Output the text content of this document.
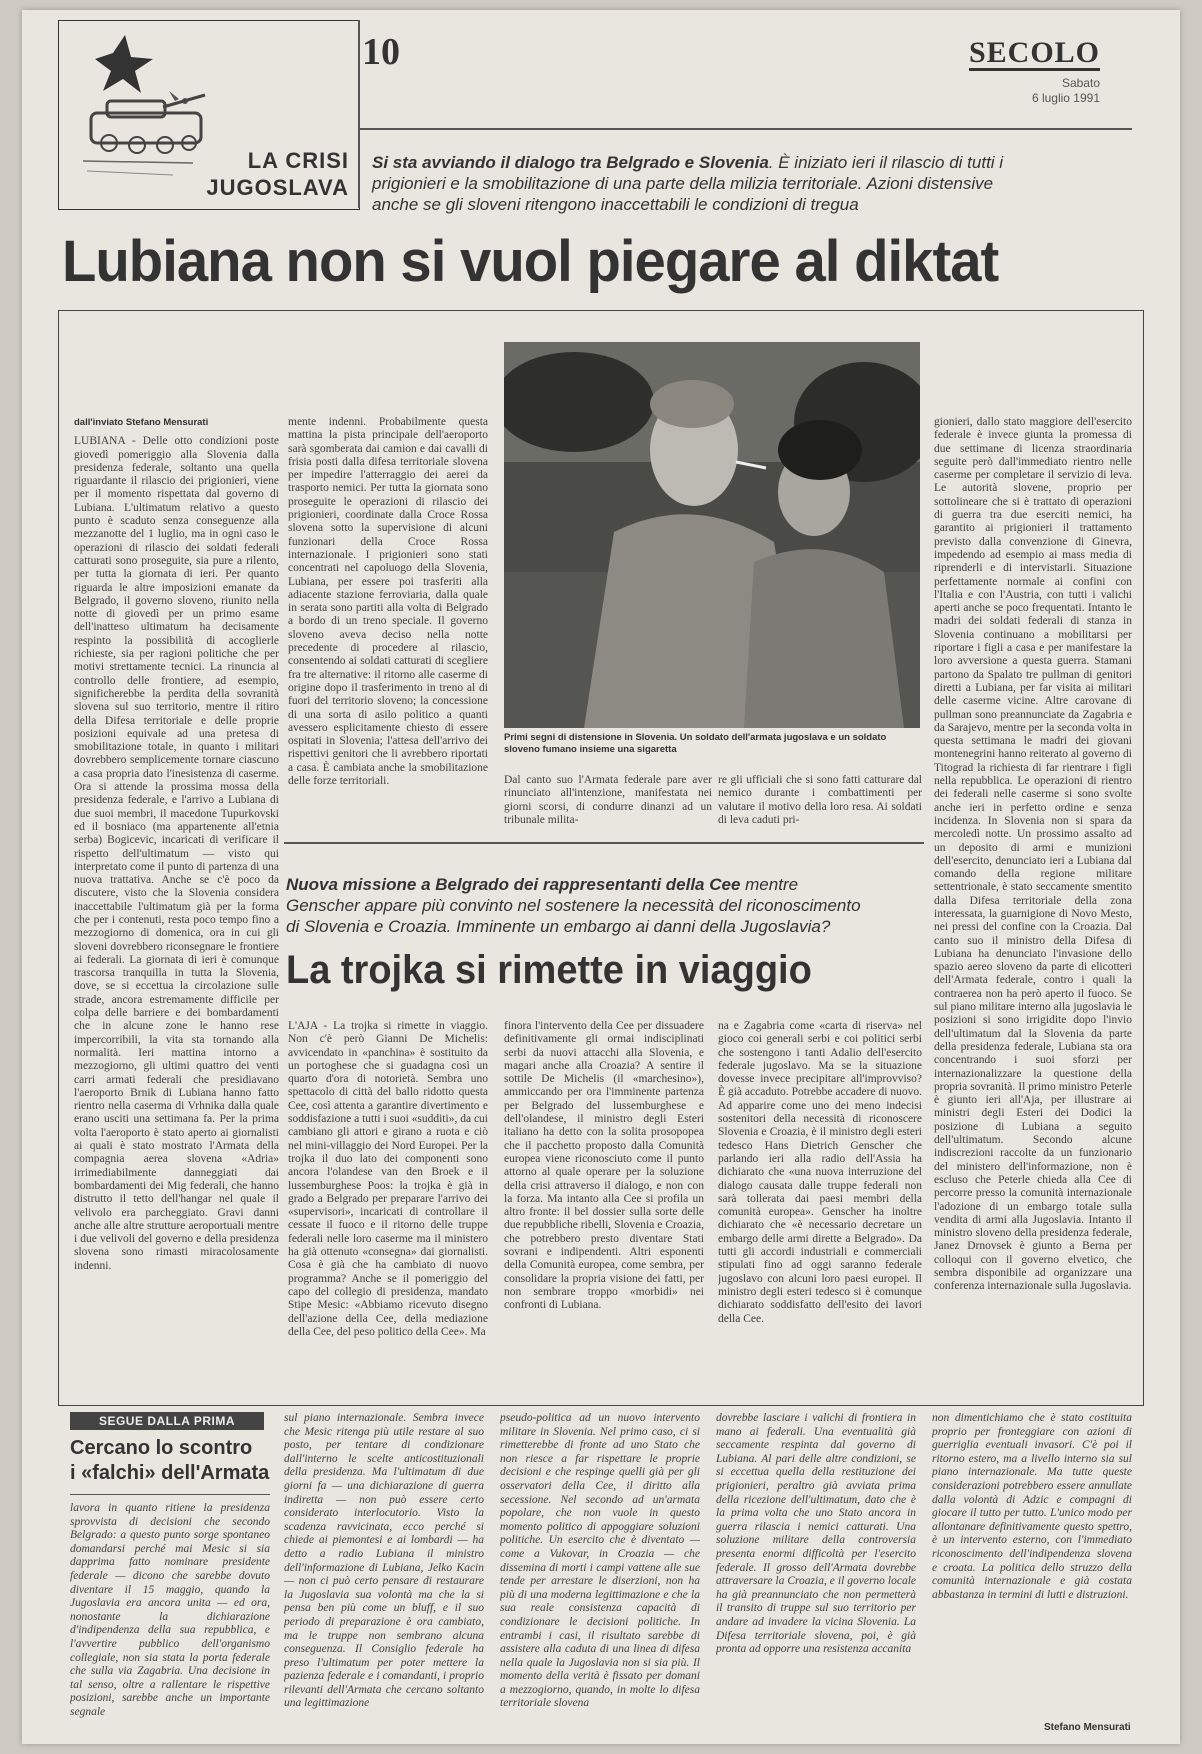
LA CRISI
JUGOSLAVA
10	SECOLO
Sabato
6 luglio 1991
Si sta avviando il dialogo tra Belgrado e Slovenia. È iniziato ieri il rilascio di tutti i prigionieri e la smobilitazione di una parte della milizia territoriale. Azioni distensive anche se gli sloveni ritengono inaccettabili le condizioni di tregua
Lubiana non si vuol piegare al diktat
dall'inviato Stefano Mensurati
LUBIANA - Delle otto condizioni poste giovedì pomeriggio alla Slovenia dalla presidenza federale, soltanto una quella riguardante il rilascio dei prigionieri, viene per il momento rispettata dal governo di Lubiana. L'ultimatum relativo a questo punto è scaduto senza conseguenze alla mezzanotte del 1 luglio, ma in ogni caso le operazioni di rilascio dei soldati federali catturati sono proseguite, sia pure a rilento, per tutta la giornata di ieri. Per quanto riguarda le altre imposizioni emanate da Belgrado, il governo sloveno, riunito nella notte di giovedì per un primo esame dell'inatteso ultimatum ha decisamente respinto la possibilità di accoglierle richieste, sia per ragioni politiche che per motivi strettamente tecnici. La rinuncia al controllo delle frontiere, ad esempio, significherebbe la perdita della sovranità slovena sul suo territorio, mentre il ritiro della Difesa territoriale e delle proprie posizioni equivale ad una pretesa di smobilitazione totale, in quanto i militari dovrebbero semplicemente tornare ciascuno a casa propria dato l'inesistenza di caserme. Ora si attende la prossima mossa della presidenza federale, e l'arrivo a Lubiana di due suoi membri, il macedone Tupurkovski ed il bosniaco (ma appartenente all'etnia serba) Bogicevic, incaricati di verificare il rispetto dell'ultimatum — visto qui interpretato come il punto di partenza di una nuova trattativa. Anche se c'è poco da discutere, visto che la Slovenia considera inaccettabile l'ultimatum già per la forma che per i contenuti, resta poco tempo fino a mezzogiorno di domenica, ora in cui gli sloveni dovrebbero riconsegnare le frontiere ai federali. La giornata di ieri è comunque trascorsa tranquilla in tutta la Slovenia, dove, se si eccettua la circolazione sulle strade, ancora estremamente difficile per colpa delle barriere e dei bombardamenti che in alcune zone le hanno rese impercorribili, la vita sta tornando alla normalità. Ieri mattina intorno a mezzogiorno, gli ultimi quattro dei venti carri armati federali che presidiavano l'aeroporto Brnik di Lubiana hanno fatto rientro nella caserma di Vrhnika dalla quale erano usciti una settimana fa. Per la prima volta l'aeroporto è stato aperto ai giornalisti ai quali è stato mostrato l'Armata della compagnia aerea slovena «Adria» irrimediabilmente danneggiati dai bombardamenti dei Mig federali, che hanno distrutto il tetto dell'hangar nel quale il velivolo era parcheggiato. Gravi danni anche alle altre strutture aeroportuali mentre i due velivoli del governo e della presidenza slovena sono rimasti miracolosamente indenni.
mente indenni. Probabilmente questa mattina la pista principale dell'aeroporto sarà sgomberata dai camion e dai cavalli di frisia posti dalla difesa territoriale slovena per impedire l'atterraggio dei aerei da trasporto nemici. Per tutta la giornata sono proseguite le operazioni di rilascio dei prigionieri, coordinate dalla Croce Rossa slovena sotto la supervisione di alcuni funzionari della Croce Rossa internazionale. I prigionieri sono stati concentrati nel capoluogo della Slovenia, Lubiana, per essere poi trasferiti alla adiacente stazione ferroviaria, dalla quale in serata sono partiti alla volta di Belgrado a bordo di un treno speciale. Il governo sloveno aveva deciso nella notte precedente di procedere al rilascio, consentendo ai soldati catturati di scegliere fra tre alternative: il ritorno alle caserme di origine dopo il trasferimento in treno al di fuori del territorio sloveno; la concessione di una sorta di asilo politico a quanti avessero esplicitamente chiesto di essere ospitati in Slovenia; l'attesa dell'arrivo dei rispettivi genitori che li avrebbero riportati a casa. È cambiata anche la smobilitazione delle forze territoriali.
Primi segni di distensione in Slovenia. Un soldato dell'armata jugoslava e un soldato sloveno fumano insieme una sigaretta
Dal canto suo l'Armata federale pare aver rinunciato all'intenzione, manifestata nei giorni scorsi, di condurre dinanzi ad un tribunale milita-
re gli ufficiali che si sono fatti catturare dal nemico durante i combattimenti per valutare il motivo della loro resa. Ai soldati di leva caduti pri-
gionieri, dallo stato maggiore dell'esercito federale è invece giunta la promessa di due settimane di licenza straordinaria seguite però dall'immediato rientro nelle caserme per completare il servizio di leva. Le autorità slovene, proprio per sottolineare che si è trattato di operazioni di guerra tra due eserciti nemici, ha garantito ai prigionieri il trattamento previsto dalla convenzione di Ginevra, impedendo ad esempio ai mass media di riprenderli e di intervistarli. Situazione perfettamente normale ai confini con l'Italia e con l'Austria, con tutti i valichi aperti anche se poco frequentati. Intanto le madri dei soldati federali di stanza in Slovenia continuano a mobilitarsi per riportare i figli a casa e per manifestare la loro avversione a questa guerra. Stamani partono da Spalato tre pullman di genitori diretti a Lubiana, per far visita ai militari delle caserme vicine. Altre carovane di pullman sono preannunciate da Zagabria e da Sarajevo, mentre per la seconda volta in questa settimana le madri dei giovani montenegrini hanno reiterato al governo di Titograd la richiesta di far rientrare i figli nella repubblica. Le operazioni di rientro dei federali nelle caserme si sono svolte anche ieri in perfetto ordine e senza incidenza. In Slovenia non si spara da mercoledì notte. Un prossimo assalto ad un deposito di armi e munizioni dell'esercito, denunciato ieri a Lubiana dal comando della regione militare settentrionale, è stato seccamente smentito dalla Difesa territoriale della zona interessata, la guarnigione di Novo Mesto, nei pressi del confine con la Croazia. Dal canto suo il ministro della Difesa di Lubiana ha denunciato l'invasione dello spazio aereo sloveno da parte di elicotteri dell'Armata federale, contro i quali la contraerea non ha però aperto il fuoco. Se sul piano militare interno alla jugoslavia le posizioni si sono irrigidite dopo l'invio dell'ultimatum dal la Slovenia da parte della presidenza federale, Lubiana sta ora concentrando i suoi sforzi per internazionalizzare la questione della propria sovranità. Il primo ministro Peterle è giunto ieri all'Aja, per illustrare ai ministri degli Esteri dei Dodici la posizione di Lubiana a seguito dell'ultimatum. Secondo alcune indiscrezioni raccolte da un funzionario del ministero dell'informazione, non è escluso che Peterle chieda alla Cee di percorre presso la comunità internazionale l'adozione di un embargo totale sulla vendita di armi alla Jugoslavia. Intanto il ministro sloveno della presidenza federale, Janez Drnovsek è giunto a Berna per colloqui con il governo elvetico, che sembra disponibile ad organizzare una conferenza internazionale sulla Jugoslavia.
Nuova missione a Belgrado dei rappresentanti della Cee mentre Genscher appare più convinto nel sostenere la necessità del riconoscimento di Slovenia e Croazia. Imminente un embargo ai danni della Jugoslavia?
La trojka si rimette in viaggio
L'AJA - La trojka si rimette in viaggio. Non c'è però Gianni De Michelis: avvicendato in «panchina» è sostituito da un portoghese che si guadagna così un quarto d'ora di notorietà. Sembra uno spettacolo di città del ballo ridotto questa Cee, così attenta a garantire divertimento e soddisfazione a tutti i suoi «sudditi», da cui cambiano gli attori e girano a ruota e ciò nel mini-villaggio dei Nord Europei. Per la trojka il duo lato dei componenti sono ancora l'olandese van den Broek e il lussemburghese Poos: la trojka è già in grado a Belgrado per preparare l'arrivo dei «supervisori», incaricati di controllare il cessate il fuoco e il ritorno delle truppe federali nelle loro caserme ma il ministero ha già ottenuto «consegna» dai giornalisti. Cosa è già che ha cambiato di nuovo programma? Anche se il pomeriggio del capo del collegio di presidenza, mandato Stipe Mesic: «Abbiamo ricevuto disegno dell'azione della Cee, della mediazione della Cee, del peso politico della Cee». Ma
finora l'intervento della Cee per dissuadere definitivamente gli ormai indisciplinati serbi da nuovi attacchi alla Slovenia, e magari anche alla Croazia? A sentire il sottile De Michelis (il «marchesino»), ammiccando per ora l'imminente partenza per Belgrado del lussemburghese e dell'olandese, il ministro degli Esteri italiano ha detto con la solita prosopopea che il pacchetto proposto dalla Comunità europea viene riconosciuto come il punto attorno al quale operare per la soluzione della crisi attraverso il dialogo, e non con la forza. Ma intanto alla Cee si profila un altro fronte: il bel dossier sulla sorte delle due repubbliche ribelli, Slovenia e Croazia, che potrebbero presto diventare Stati sovrani e indipendenti. Altri esponenti della Comunità europea, come sembra, per consolidare la propria visione dei fatti, per non sembrare troppo «morbidi» nei confronti di Lubiana.
na e Zagabria come «carta di riserva» nel gioco coi generali serbi e coi politici serbi che sostengono i tanti Adalio dell'esercito federale jugoslavo. Ma se la situazione dovesse invece precipitare all'improvviso? È già accaduto. Potrebbe accadere di nuovo. Ad apparire come uno dei meno indecisi sostenitori della necessità di riconoscere Slovenia e Croazia, è il ministro degli esteri tedesco Hans Dietrich Genscher che parlando ieri alla radio dell'Assia ha dichiarato che «una nuova interruzione del dialogo causata dalle truppe federali non sarà tollerata dai paesi membri della comunità europea». Genscher ha inoltre dichiarato che «è necessario decretare un embargo delle armi dirette a Belgrado». Da tutti gli accordi industriali e commerciali stipulati fino ad oggi saranno federale jugoslavo con alcuni loro paesi europei. Il ministro degli esteri tedesco si è comunque dichiarato soddisfatto dell'esito dei lavori della Cee.
SEGUE DALLA PRIMA
Cercano lo scontro
i «falchi» dell'Armata
lavora in quanto ritiene la presidenza sprovvista di decisioni che secondo Belgrado: a questo punto sorge spontaneo domandarsi perché mai Mesic si sia dapprima fatto nominare presidente federale — dicono che sarebbe dovuto diventare il 15 maggio, quando la Jugoslavia era ancora unita — ed ora, nonostante la dichiarazione d'indipendenza della sua repubblica, e l'avvertire pubblico dell'organismo collegiale, non sia stata la porta federale che sulla via Zagabria. Una decisione in tal senso, oltre a rallentare le rispettive posizioni, sarebbe anche un importante segnale
sul piano internazionale. Sembra invece che Mesic ritenga più utile restare al suo posto, per tentare di condizionare dall'interno le scelte anticostituzionali della presidenza. Ma l'ultimatum di due giorni fa — una dichiarazione di guerra indiretta — non può essere certo considerato interlocutorio. Visto la scadenza ravvicinata, ecco perché si chiede ai piemontesi e ai lombardi — ha detto a radio Lubiana il ministro dell'informazione di Lubiana, Jelko Kacin — non ci può certo pensare di restaurare la Jugoslavia sua volontà ma che la si pensa ben più come un bluff, e il suo periodo di preparazione è ora cambiato, ma le truppe non sembrano alcuna conseguenza. Il Consiglio federale ha preso l'ultimatum per poter mettere la pazienza federale e i comandanti, i proprio rilevanti dell'Armata che cercano soltanto una legittimazione
pseudo-politica ad un nuovo intervento militare in Slovenia. Nel primo caso, ci si rimetterebbe di fronte ad uno Stato che non riesce a far rispettare le proprie decisioni e che respinge quelli già per gli osservatori della Cee, il diritto alla secessione. Nel secondo ad un'armata popolare, che non vuole in questo momento politico di appoggiare soluzioni politiche. Un esercito che è diventato — come a Vukovar, in Croazia — che dissemina di morti i campi vattene alle sue tende per arrestare le diserzioni, non ha più di una moderna legittimazione e che la sua reale consistenza capacità di condizionare le decisioni politiche. In entrambi i casi, il risultato sarebbe di assistere alla caduta di una linea di difesa nella quale la Jugoslavia non si sia più. Il momento della verità è fissato per domani a mezzogiorno, quando, in molte lo difesa territoriale slovena
dovrebbe lasciare i valichi di frontiera in mano ai federali. Una eventualità già seccamente respinta dal governo di Lubiana. Al pari delle altre condizioni, se si eccettua quella della restituzione dei prigionieri, peraltro già avviata prima della ricezione dell'ultimatum, dato che è la prima volta che uno Stato ancora in guerra rilascia i nemici catturati. Una soluzione militare della controversia presenta enormi difficoltà per l'esercito federale. Il grosso dell'Armata dovrebbe attraversare la Croazia, e il governo locale ha già preannunciato che non permetterà il transito di truppe sul suo territorio per andare ad invadere la vicina Slovenia. La Difesa territoriale slovena, poi, è già pronta ad opporre una resistenza accanita
non dimentichiamo che è stato costituita proprio per fronteggiare con azioni di guerriglia eventuali invasori. C'è poi il ritorno estero, ma a livello interno sia sul piano internazionale. Ma tutte queste considerazioni potrebbero essere annullate dalla volontà di Adzic e compagni di giocare il tutto per tutto. L'unico modo per allontanare definitivamente questo spettro, è un intervento esterno, con l'immediato riconoscimento dell'indipendenza slovena e croata. La politica dello struzzo della comunità internazionale e già costata abbastanza in termini di lutti e distruzioni.
Stefano Mensurati
